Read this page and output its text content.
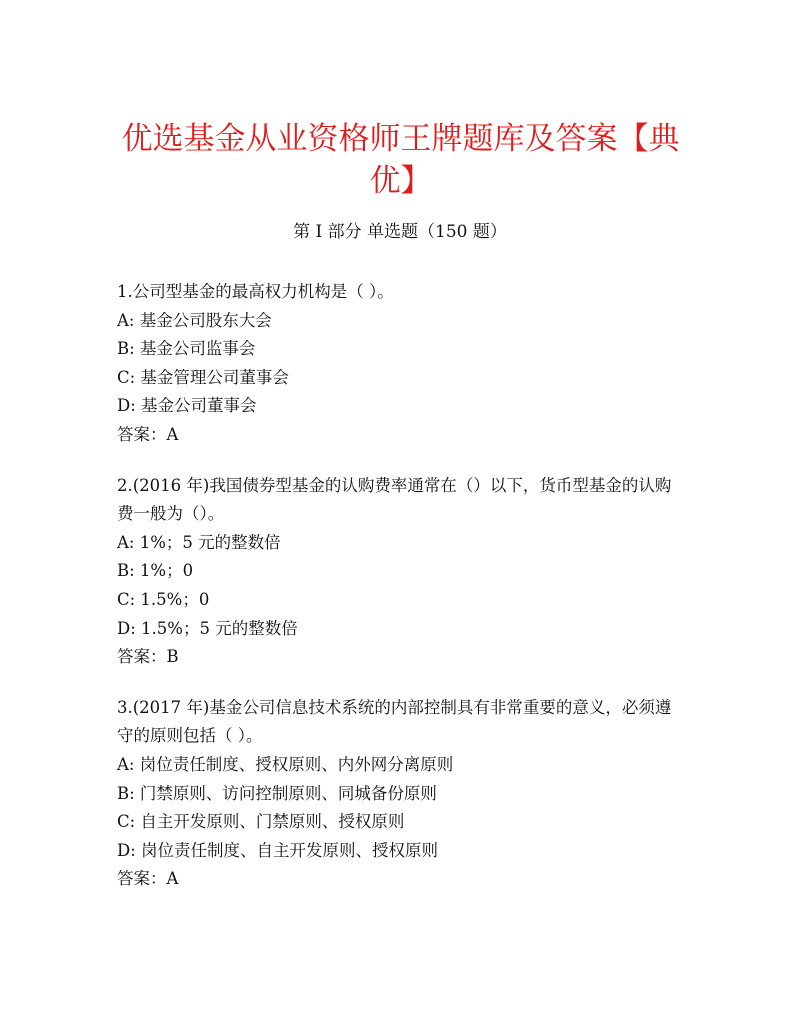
优选基金从业资格师王牌题库及答案【典优】
第 I 部分 单选题（150 题）

1.公司型基金的最高权力机构是（ ）。

A: 基金公司股东大会

B: 基金公司监事会

C: 基金管理公司董事会

D: 基金公司董事会

答案：A

2.(2016 年)我国债券型基金的认购费率通常在（）以下，货币型基金的认购费一般为（）。

A: 1%；5 元的整数倍

B: 1%；0

C: 1.5%；0

D: 1.5%；5 元的整数倍

答案：B

3.(2017 年)基金公司信息技术系统的内部控制具有非常重要的意义，必须遵守的原则包括（ ）。

A: 岗位责任制度、授权原则、内外网分离原则

B: 门禁原则、访问控制原则、同城备份原则

C: 自主开发原则、门禁原则、授权原则

D: 岗位责任制度、自主开发原则、授权原则

答案：A
